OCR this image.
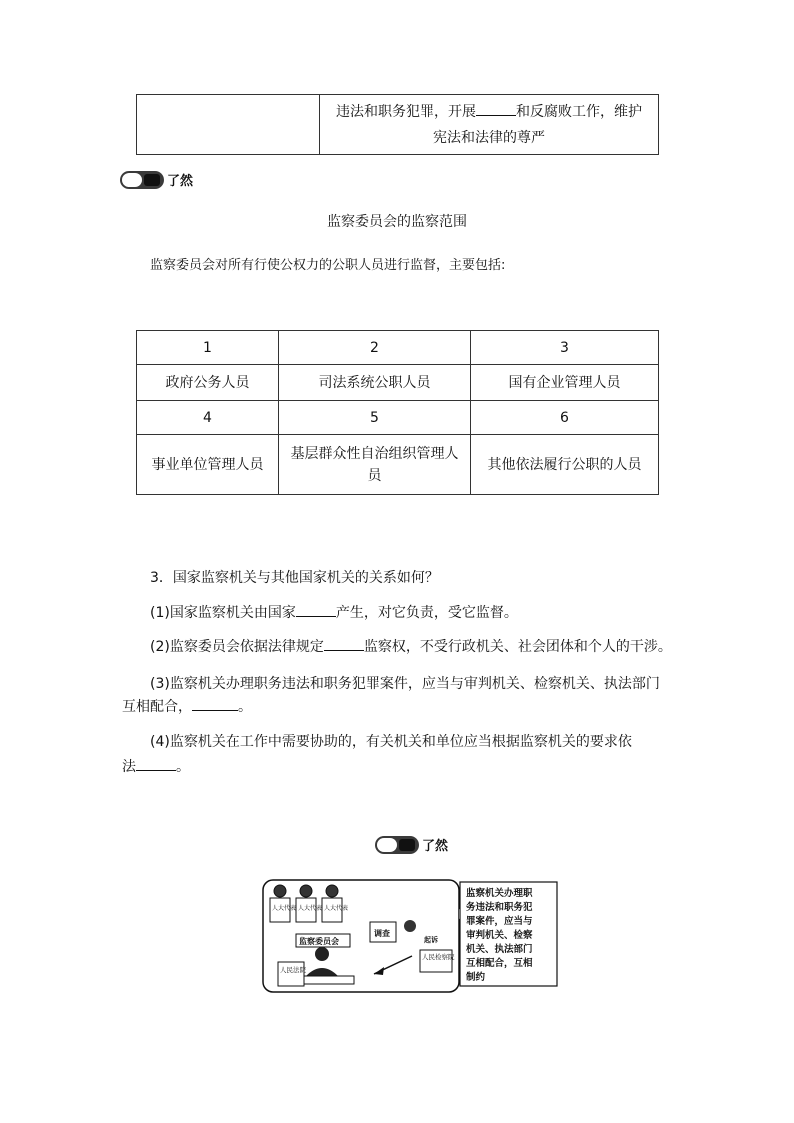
违法和职务犯罪，开展	和反腐败工作，维护
宪法和法律的尊严
了然
监察委员会的监察范围
监察委员会对所有行使公权力的公职人员进行监督，主要包括:
1	2	3
政府公务人员	司法系统公职人员	国有企业管理人员
4	5	6
事业单位管理人员	基层群众性自治组织管理人员	其他依法履行公职的人员
3．国家监察机关与其他国家机关的关系如何？
(1)国家监察机关由国家	产生，对它负责，受它监督。
(2)监察委员会依据法律规定	监察权，不受行政机关、社会团体和个人的干涉。
(3)监察机关办理职务违法和职务犯罪案件，应当与审判机关、检察机关、执法部门
互相配合，	。
(4)监察机关在工作中需要协助的，有关机关和单位应当根据监察机关的要求依
法	。
了然
监察机关办理职
务违法和职务犯
罪案件，应当与
审判机关、检察
机关、执法部门
互相配合，互相
制约
人大代表 人大代表 人大代表
监察委员会
调查
起诉
人民检察院
人民法院
